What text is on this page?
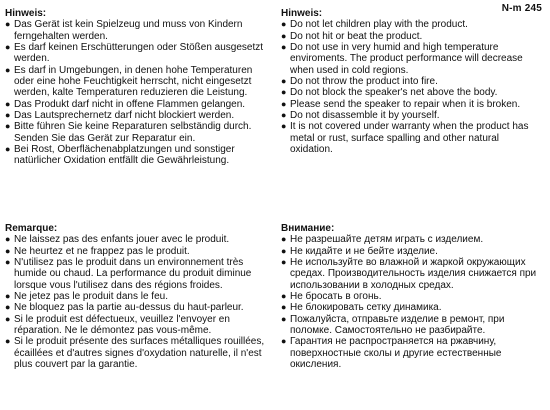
N-m 245
Hinweis:
● Das Gerät ist kein Spielzeug und muss von Kindern ferngehalten werden.
● Es darf keinen Erschütterungen oder Stößen ausgesetzt werden.
● Es darf in Umgebungen, in denen hohe Temperaturen oder eine hohe Feuchtigkeit herrscht, nicht eingesetzt werden, kalte Temperaturen reduzieren die Leistung.
● Das Produkt darf nicht in offene Flammen gelangen.
● Das Lautsprechernetz darf nicht blockiert werden.
● Bitte führen Sie keine Reparaturen selbständig durch. Senden Sie das Gerät zur Reparatur ein.
● Bei Rost, Oberflächenabplatzungen und sonstiger natürlicher Oxidation entfällt die Gewährleistung.
Hinweis:
● Do not let children play with the product.
● Do not hit or beat the product.
● Do not use in very humid and high temperature enviroments. The product performance will decrease when used in cold regions.
● Do not throw the product into fire.
● Do not block the speaker's net above the body.
● Please send the speaker to repair when it is broken.
● Do not disassemble it by yourself.
● It is not covered under warranty when the product has metal or rust, surface spalling and other natural oxidation.
Remarque:
● Ne laissez pas des enfants jouer avec le produit.
● Ne heurtez et ne frappez pas le produit.
● N'utilisez pas le produit dans un environnement très humide ou chaud. La performance du produit diminue lorsque vous l'utilisez dans des régions froides.
● Ne jetez pas le produit dans le feu.
● Ne bloquez pas la partie au-dessus du haut-parleur.
● Si le produit est défectueux, veuillez l'envoyer en réparation. Ne le démontez pas vous-même.
● Si le produit présente des surfaces métalliques rouillées, écaillées et d'autres signes d'oxydation naturelle, il n'est plus couvert par la garantie.
Внимание:
● Не разрешайте детям играть с изделием.
● Не кидайте и не бейте изделие.
● Не используйте во влажной и жаркой окружающих средах. Производительность изделия снижается при использовании в холодных средах.
● Не бросать в огонь.
● Не блокировать сетку динамика.
● Пожалуйста, отправьте изделие в ремонт, при поломке. Самостоятельно не разбирайте.
● Гарантия не распространяется на ржавчину, поверхностные сколы и другие естественные окисления.
